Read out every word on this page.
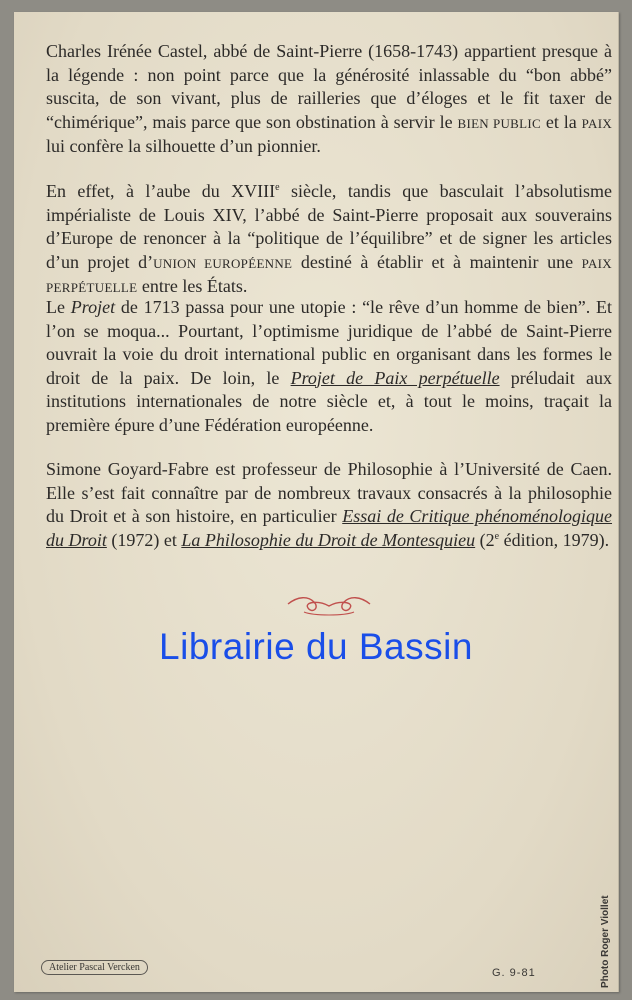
Charles Irénée Castel, abbé de Saint-Pierre (1658-1743) appartient presque à la légende : non point parce que la générosité inlassable du “bon abbé” suscita, de son vivant, plus de railleries que d’éloges et le fit taxer de “chimérique”, mais parce que son obstination à servir le BIEN PUBLIC et la PAIX lui confère la silhouette d’un pionnier.

En effet, à l’aube du XVIIIe siècle, tandis que basculait l’absolutisme impérialiste de Louis XIV, l’abbé de Saint-Pierre proposait aux souverains d’Europe de renoncer à la “politique de l’équilibre” et de signer les articles d’un projet d’UNION EUROPÉENNE destiné à établir et à maintenir une PAIX PERPÉTUELLE entre les États.

Le Projet de 1713 passa pour une utopie : “le rêve d’un homme de bien”. Et l’on se moqua... Pourtant, l’optimisme juridique de l’abbé de Saint-Pierre ouvrait la voie du droit international public en organisant dans les formes le droit de la paix. De loin, le Projet de Paix perpétuelle préludait aux institutions internationales de notre siècle et, à tout le moins, traçait la première épure d’une Fédération européenne.

Simone Goyard-Fabre est professeur de Philosophie à l’Université de Caen. Elle s’est fait connaître par de nombreux travaux consacrés à la philosophie du Droit et à son histoire, en particulier Essai de Critique phénoménologique du Droit (1972) et La Philosophie du Droit de Montesquieu (2e édition, 1979).

Librairie du Bassin
Atelier Pascal Vercken	G. 9-81	Photo Roger Viollet
